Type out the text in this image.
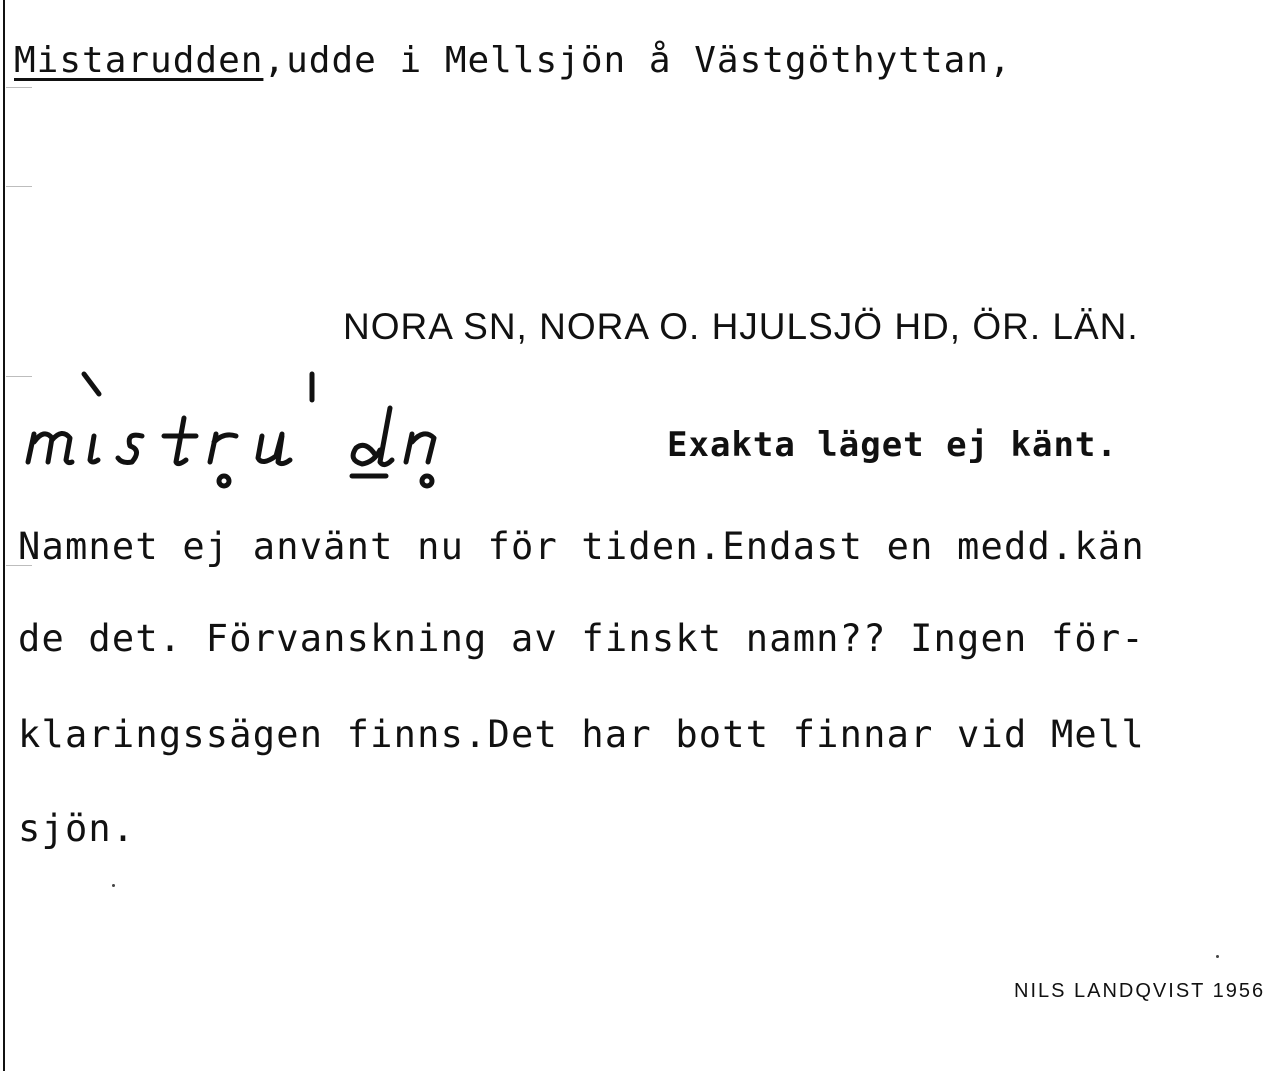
Mistarudden,udde i Mellsjön å Västgöthyttan,
NORA SN, NORA O. HJULSJÖ HD, ÖR. LÄN.
Exakta läget ej känt.
Namnet ej använt nu för tiden.Endast en medd.kän
de det. Förvanskning av finskt namn?? Ingen för-
klaringssägen finns.Det har bott finnar vid Mell
sjön.
NILS LANDQVIST 1956
